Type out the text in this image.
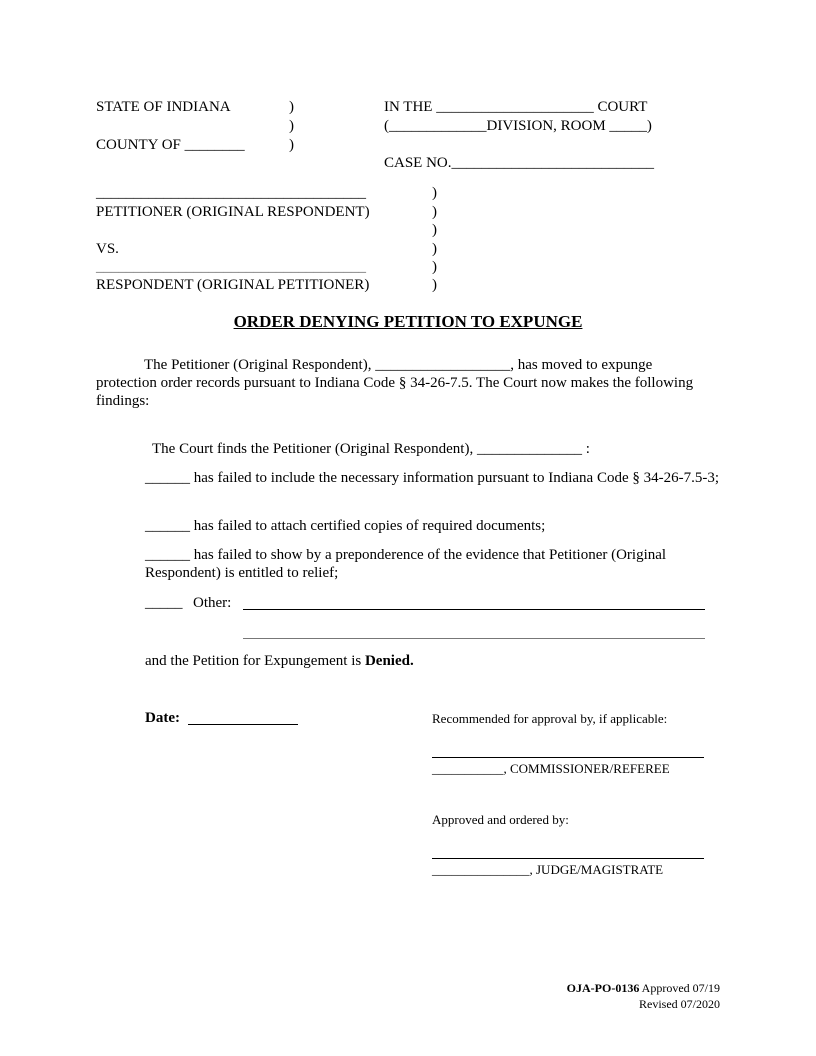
STATE OF INDIANA	)
)
)
COUNTY OF ________
IN THE _____________________ COURT
(_____________DIVISION, ROOM _____)
CASE NO.___________________________
____________________________________
PETITIONER (ORIGINAL RESPONDENT)
VS.
____________________________________
RESPONDENT (ORIGINAL PETITIONER)
)
)
)
)
)
)
ORDER DENYING PETITION TO EXPUNGE
The Petitioner (Original Respondent), __________________, has moved to expunge protection order records pursuant to Indiana Code § 34-26-7.5. The Court now makes the following findings:
The Court finds the Petitioner (Original Respondent), ______________ :
______ has failed to include the necessary information pursuant to Indiana Code § 34-26-7.5-3;
______ has failed to attach certified copies of required documents;
______ has failed to show by a preponderence of the evidence that Petitioner (Original Respondent) is entitled to relief;
_____ Other:
and the Petition for Expungement is Denied.
Date:	Recommended for approval by, if applicable:
___________, COMMISSIONER/REFEREE
Approved and ordered by:
_______________, JUDGE/MAGISTRATE
OJA-PO-0136 Approved 07/19
Revised 07/2020
